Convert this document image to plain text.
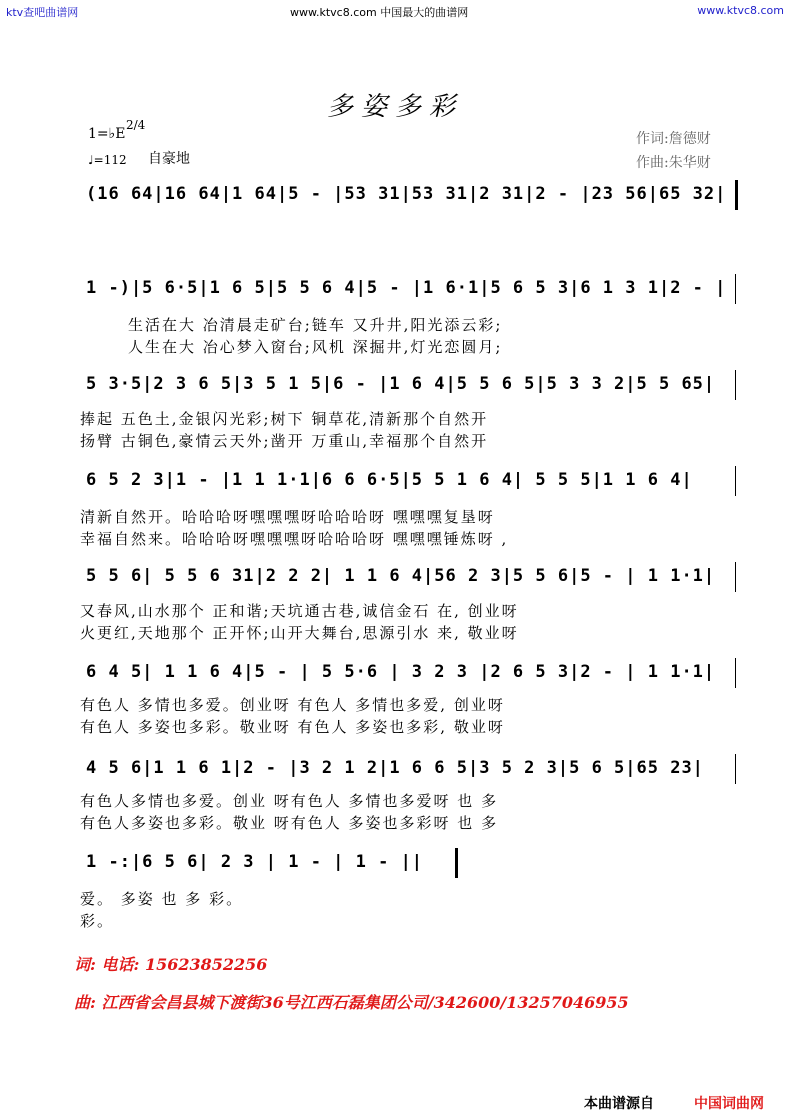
ktv查吧曲谱网	www.ktvc8.com 中国最大的曲谱网	www.ktvc8.com
多姿多彩
1=♭E
2/4
♩=112 自豪地
作词:詹德财
作曲:朱华财
(16 64|16 64|1 64|5 - |53 31|53 31|2 31|2 - |23 56|65 32|
1 -)|5 6·5|1 6 5|5 5 6 4|5 - |1 6·1|5 6 5 3|6 1 3 1|2 - |
生活在大 冶清晨走矿台;链车 又升井,阳光添云彩;
人生在大 冶心梦入窗台;风机 深掘井,灯光恋圆月;
5 3·5|2 3 6 5|3 5 1 5|6 - |1 6 4|5 5 6 5|5 3 3 2|5 5 65|
捧起 五色土,金银闪光彩;树下 铜草花,清新那个自然开
扬臂 古铜色,豪情云天外;凿开 万重山,幸福那个自然开
6 5 2 3|1 - |1 1 1·1|6 6 6·5|5 5 1 6 4| 5 5 5|1 1 6 4|
清新自然开。哈哈哈呀嘿嘿嘿呀哈哈哈呀 嘿嘿嘿复垦呀
幸福自然来。哈哈哈呀嘿嘿嘿呀哈哈哈呀 嘿嘿嘿锤炼呀 ,
5 5 6| 5 5 6 31|2 2 2| 1 1 6 4|56 2 3|5 5 6|5 - | 1 1·1|
又春风,山水那个 正和谐;天坑通古巷,诚信金石 在, 创业呀
火更红,天地那个 正开怀;山开大舞台,思源引水 来, 敬业呀
6 4 5| 1 1 6 4|5 - | 5 5·6 | 3 2 3 |2 6 5 3|2 - | 1 1·1|
有色人 多情也多爱。创业呀 有色人 多情也多爱, 创业呀
有色人 多姿也多彩。敬业呀 有色人 多姿也多彩, 敬业呀
4 5 6|1 1 6 1|2 - |3 2 1 2|1 6 6 5|3 5 2 3|5 6 5|65 23|
有色人多情也多爱。创业 呀有色人 多情也多爱呀 也 多
有色人多姿也多彩。敬业 呀有色人 多姿也多彩呀 也 多
1 -:|6 5 6| 2 3 | 1 - | 1 - ||
爱。 多姿 也 多 彩。
彩。
词: 电话: 15623852256
曲: 江西省会昌县城下渡街36号江西石磊集团公司/342600/13257046955
本曲谱源自	中国词曲网
